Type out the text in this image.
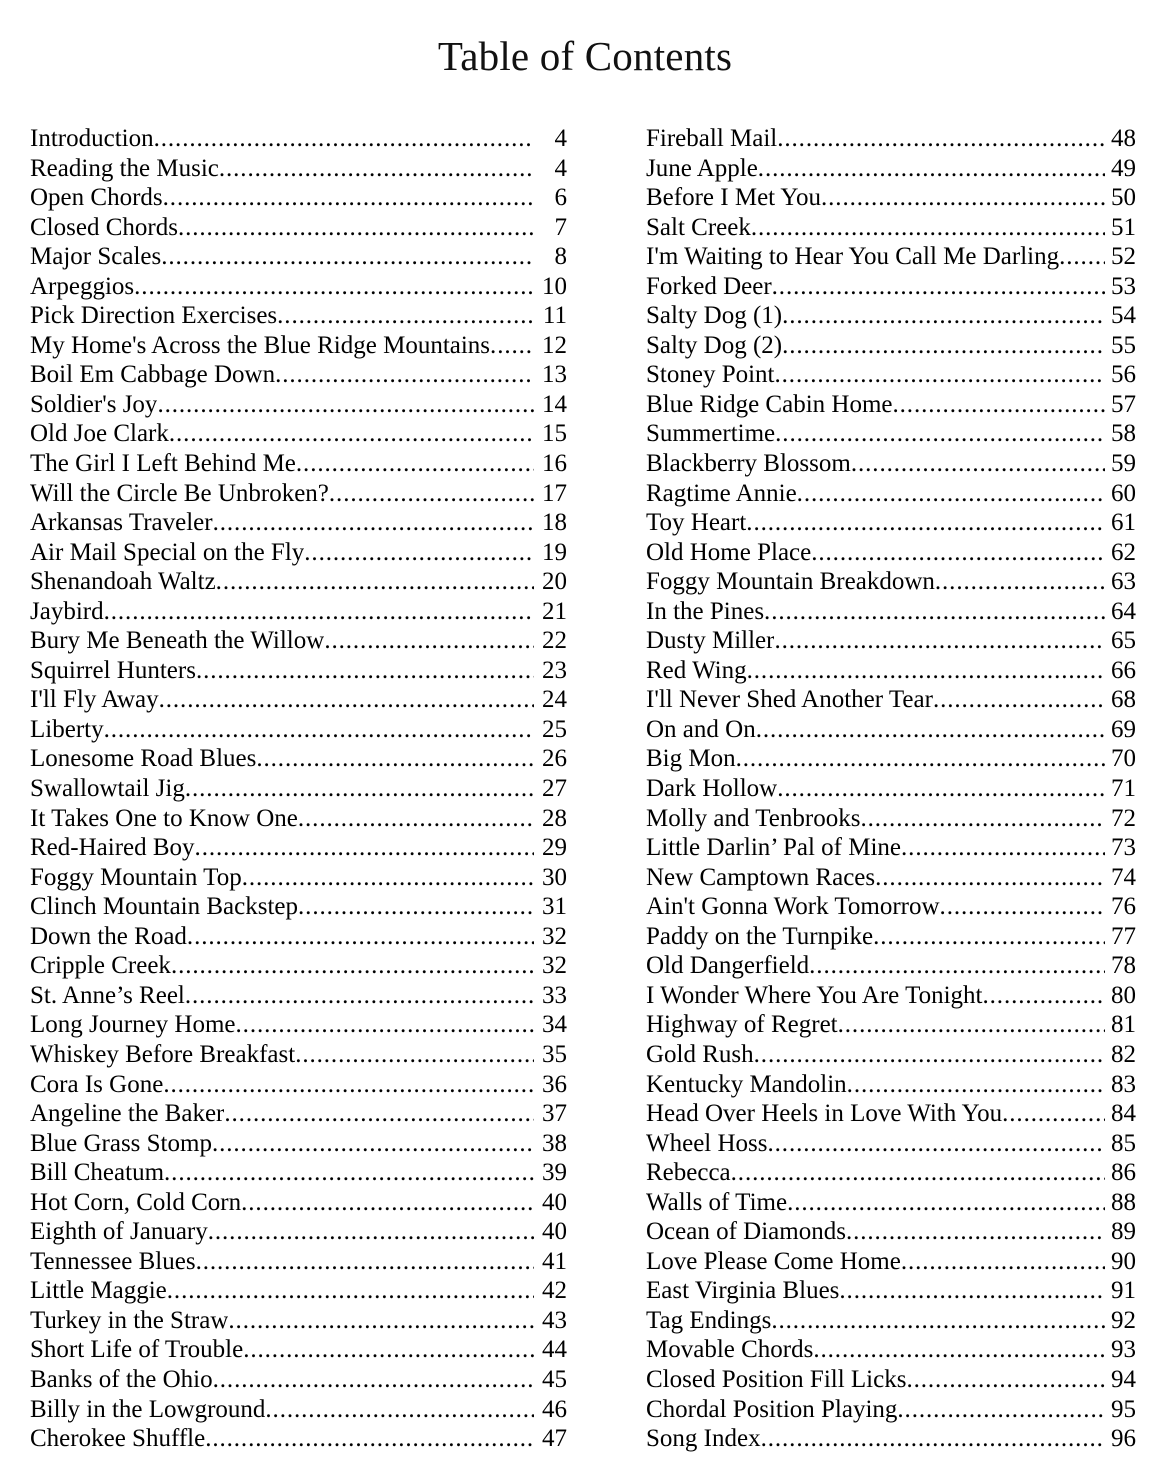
Table of Contents
Introduction .....	4
Reading the Music .....	4
Open Chords .....	6
Closed Chords .....	7
Major Scales .....	8
Arpeggios .....	10
Pick Direction Exercises .....	11
My Home's Across the Blue Ridge Mountains .....	12
Boil Em Cabbage Down .....	13
Soldier's Joy .....	14
Old Joe Clark .....	15
The Girl I Left Behind Me .....	16
Will the Circle Be Unbroken? .....	17
Arkansas Traveler .....	18
Air Mail Special on the Fly .....	19
Shenandoah Waltz .....	20
Jaybird .....	21
Bury Me Beneath the Willow .....	22
Squirrel Hunters .....	23
I'll Fly Away .....	24
Liberty .....	25
Lonesome Road Blues .....	26
Swallowtail Jig .....	27
It Takes One to Know One .....	28
Red-Haired Boy .....	29
Foggy Mountain Top .....	30
Clinch Mountain Backstep .....	31
Down the Road .....	32
Cripple Creek .....	32
St. Anne’s Reel .....	33
Long Journey Home .....	34
Whiskey Before Breakfast .....	35
Cora Is Gone .....	36
Angeline the Baker .....	37
Blue Grass Stomp .....	38
Bill Cheatum .....	39
Hot Corn, Cold Corn .....	40
Eighth of January .....	40
Tennessee Blues .....	41
Little Maggie .....	42
Turkey in the Straw .....	43
Short Life of Trouble .....	44
Banks of the Ohio .....	45
Billy in the Lowground .....	46
Cherokee Shuffle .....	47
Fireball Mail .....	48
June Apple .....	49
Before I Met You .....	50
Salt Creek .....	51
I'm Waiting to Hear You Call Me Darling ..... 52
Forked Deer .....	53
Salty Dog (1) .....	54
Salty Dog (2) .....	55
Stoney Point .....	56
Blue Ridge Cabin Home .....	57
Summertime .....	58
Blackberry Blossom .....	59
Ragtime Annie .....	60
Toy Heart .....	61
Old Home Place .....	62
Foggy Mountain Breakdown .....	63
In the Pines .....	64
Dusty Miller .....	65
Red Wing .....	66
I'll Never Shed Another Tear .....	68
On and On .....	69
Big Mon .....	70
Dark Hollow .....	71
Molly and Tenbrooks .....	72
Little Darlin’ Pal of Mine .....	73
New Camptown Races .....	74
Ain't Gonna Work Tomorrow .....	76
Paddy on the Turnpike .....	77
Old Dangerfield .....	78
I Wonder Where You Are Tonight .....	80
Highway of Regret .....	81
Gold Rush .....	82
Kentucky Mandolin .....	83
Head Over Heels in Love With You .....	84
Wheel Hoss .....	85
Rebecca .....	86
Walls of Time .....	88
Ocean of Diamonds .....	89
Love Please Come Home .....	90
East Virginia Blues .....	91
Tag Endings .....	92
Movable Chords .....	93
Closed Position Fill Licks .....	94
Chordal Position Playing .....	95
Song Index .....	96
